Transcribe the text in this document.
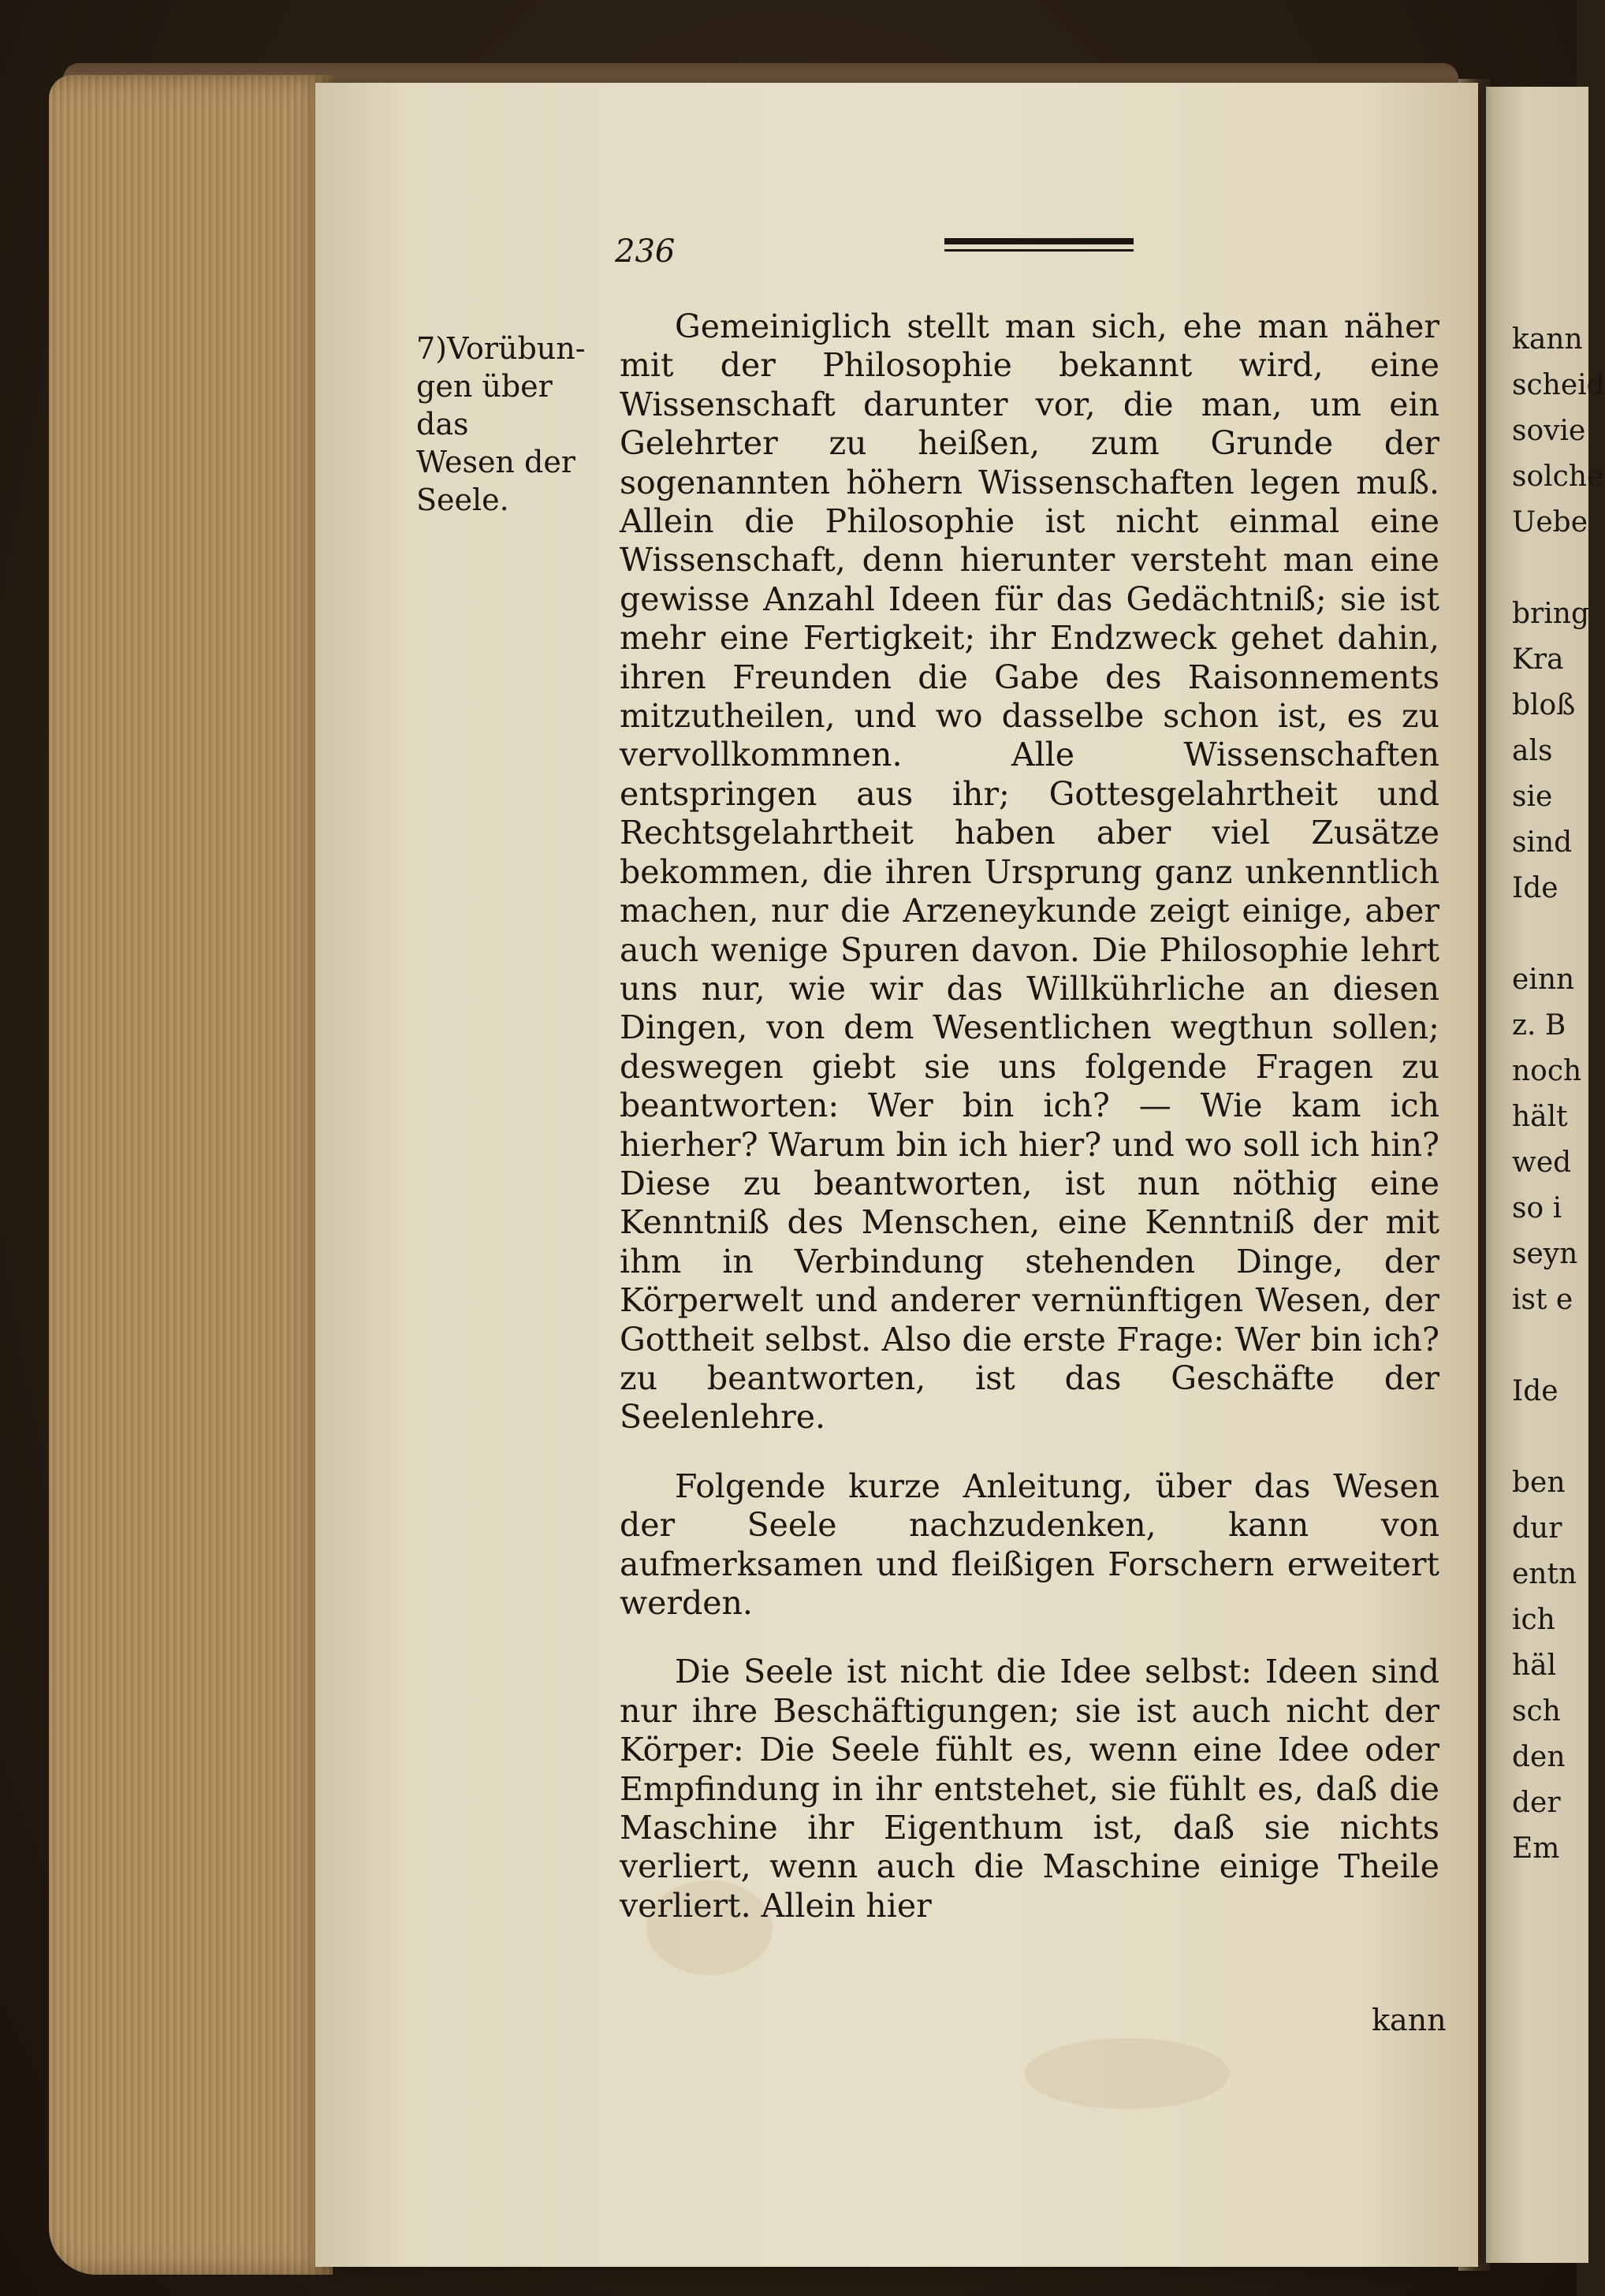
236
7)Vorübun-
gen über das
Wesen der
Seele.

Gemeiniglich stellt man sich, ehe man näher mit der Philosophie bekannt wird, eine Wissenschaft darunter vor, die man, um ein Gelehrter zu heißen, zum Grunde der sogenannten höhern Wissenschaften legen muß. Allein die Philosophie ist nicht einmal eine Wissenschaft, denn hierunter versteht man eine gewisse Anzahl Ideen für das Gedächtniß; sie ist mehr eine Fertigkeit; ihr Endzweck gehet dahin, ihren Freunden die Gabe des Raisonnements mitzutheilen, und wo dasselbe schon ist, es zu vervollkommnen. Alle Wissenschaften entspringen aus ihr; Gottesgelahrtheit und Rechtsgelahrtheit haben aber viel Zusätze bekommen, die ihren Ursprung ganz unkenntlich machen, nur die Arzeneykunde zeigt einige, aber auch wenige Spuren davon. Die Philosophie lehrt uns nur, wie wir das Willkührliche an diesen Dingen, von dem Wesentlichen wegthun sollen; deswegen giebt sie uns folgende Fragen zu beantworten: Wer bin ich? — Wie kam ich hierher? Warum bin ich hier? und wo soll ich hin? Diese zu beantworten, ist nun nöthig eine Kenntniß des Menschen, eine Kenntniß der mit ihm in Verbindung stehenden Dinge, der Körperwelt und anderer vernünftigen Wesen, der Gottheit selbst. Also die erste Frage: Wer bin ich? zu beantworten, ist das Geschäfte der Seelenlehre.

Folgende kurze Anleitung, über das Wesen der Seele nachzudenken, kann von aufmerksamen und fleißigen Forschern erweitert werden.

Die Seele ist nicht die Idee selbst: Ideen sind nur ihre Beschäftigungen; sie ist auch nicht der Körper: Die Seele fühlt es, wenn eine Idee oder Empfindung in ihr entstehet, sie fühlt es, daß die Maschine ihr Eigenthum ist, daß sie nichts verliert, wenn auch die Maschine einige Theile verliert. Allein hier

kann
kann
scheid
sovie
solche
Uebe
bring
Kra
bloß
als
sie
sind
Ide
einn
z. B
noch
hält
wed
so i
seyn
ist e
Ide
ben
dur
entn
ich
häl
sch
den
der
Em
